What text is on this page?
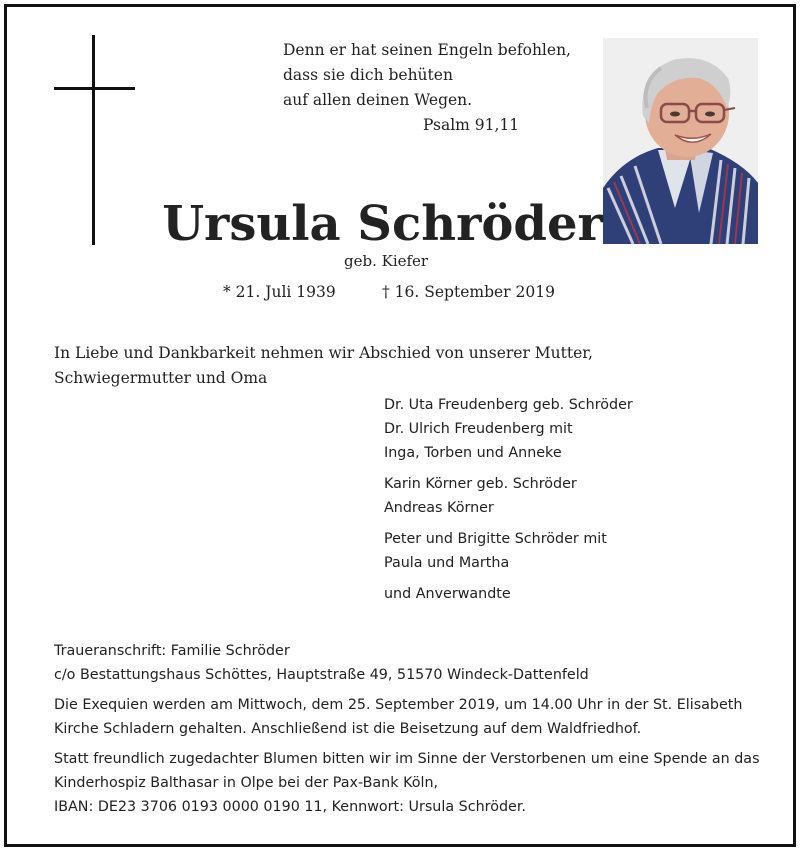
Denn er hat seinen Engeln befohlen,
dass sie dich behüten
auf allen deinen Wegen.
Psalm 91,11
Ursula Schröder
geb. Kiefer
* 21. Juli 1939	† 16. September 2019
In Liebe und Dankbarkeit nehmen wir Abschied von unserer Mutter,
Schwiegermutter und Oma
Dr. Uta Freudenberg geb. Schröder
Dr. Ulrich Freudenberg mit
Inga, Torben und Anneke
Karin Körner geb. Schröder
Andreas Körner
Peter und Brigitte Schröder mit
Paula und Martha
und Anverwandte
Traueranschrift: Familie Schröder
c/o Bestattungshaus Schöttes, Hauptstraße 49, 51570 Windeck-Dattenfeld
Die Exequien werden am Mittwoch, dem 25. September 2019, um 14.00 Uhr in der St. Elisabeth
Kirche Schladern gehalten. Anschließend ist die Beisetzung auf dem Waldfriedhof.
Statt freundlich zugedachter Blumen bitten wir im Sinne der Verstorbenen um eine Spende an das
Kinderhospiz Balthasar in Olpe bei der Pax-Bank Köln,
IBAN: DE23 3706 0193 0000 0190 11, Kennwort: Ursula Schröder.
